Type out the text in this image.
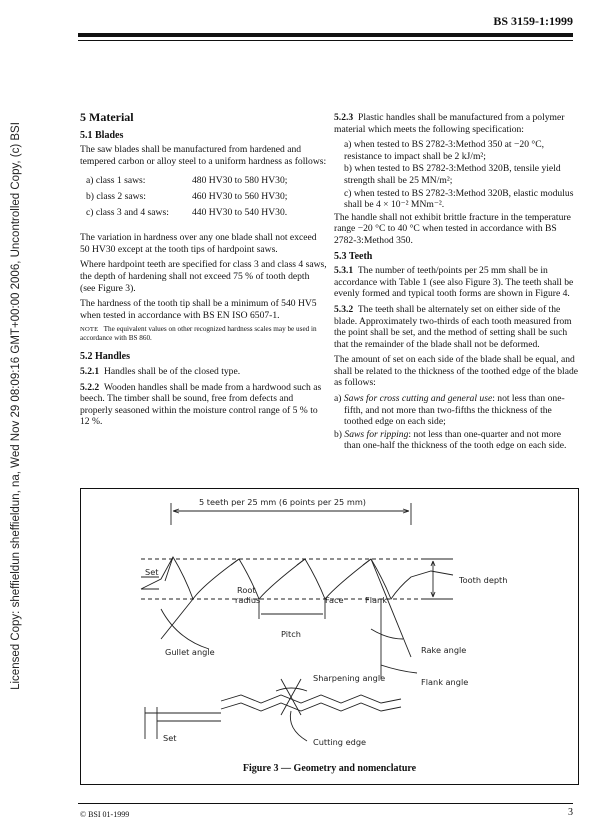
BS 3159-1:1999
Licensed Copy: sheffieldun sheffieldun, na, Wed Nov 29 08:09:16 GMT+00:00 2006, Uncontrolled Copy, (c) BSI
5 Material
5.1 Blades

The saw blades shall be manufactured from hardened and tempered carbon or alloy steel to a uniform hardness as follows:

a) class 1 saws:	480 HV30 to 580 HV30;
b) class 2 saws:	460 HV30 to 560 HV30;
c) class 3 and 4 saws:	440 HV30 to 540 HV30.

The variation in hardness over any one blade shall not exceed 50 HV30 except at the tooth tips of hardpoint saws.

Where hardpoint teeth are specified for class 3 and class 4 saws, the depth of hardening shall not exceed 75 % of tooth depth (see Figure 3).

The hardness of the tooth tip shall be a minimum of 540 HV5 when tested in accordance with BS EN ISO 6507-1.

NOTE The equivalent values on other recognized hardness scales may be used in accordance with BS 860.
5.2 Handles

5.2.1 Handles shall be of the closed type.

5.2.2 Wooden handles shall be made from a hardwood such as beech. The timber shall be sound, free from defects and properly seasoned within the moisture control range of 5 % to 12 %.

5.2.3 Plastic handles shall be manufactured from a polymer material which meets the following specification:

a) when tested to BS 2782-3:Method 350 at −20 °C, resistance to impact shall be 2 kJ/m²;
b) when tested to BS 2782-3:Method 320B, tensile yield strength shall be 25 MN/m²;
c) when tested to BS 2782-3:Method 320B, elastic modulus shall be 4 × 10⁻² MNm⁻².

The handle shall not exhibit brittle fracture in the temperature range −20 °C to 40 °C when tested in accordance with BS 2782-3:Method 350.

5.3 Teeth

5.3.1 The number of teeth/points per 25 mm shall be in accordance with Table 1 (see also Figure 3). The teeth shall be evenly formed and typical tooth forms are shown in Figure 4.

5.3.2 The teeth shall be alternately set on either side of the blade. Approximately two-thirds of each tooth measured from the point shall be set, and the method of setting shall be such that the remainder of the blade shall not be deformed.

The amount of set on each side of the blade shall be equal, and shall be related to the thickness of the toothed edge of the blade as follows:

a) Saws for cross cutting and general use: not less than one-fifth, and not more than two-fifths the thickness of the toothed edge on each side;
b) Saws for ripping: not less than one-quarter and not more than one-half the thickness of the tooth edge on each side.
5 teeth per 25 mm (6 points per 25 mm)
Set
Root
radius	Face	Flank
Tooth depth
Pitch
Rake angle
Gullet angle
Flank angle
Sharpening angle
Set	Cutting edge
Figure 3 — Geometry and nomenclature
© BSI 01-1999	3
